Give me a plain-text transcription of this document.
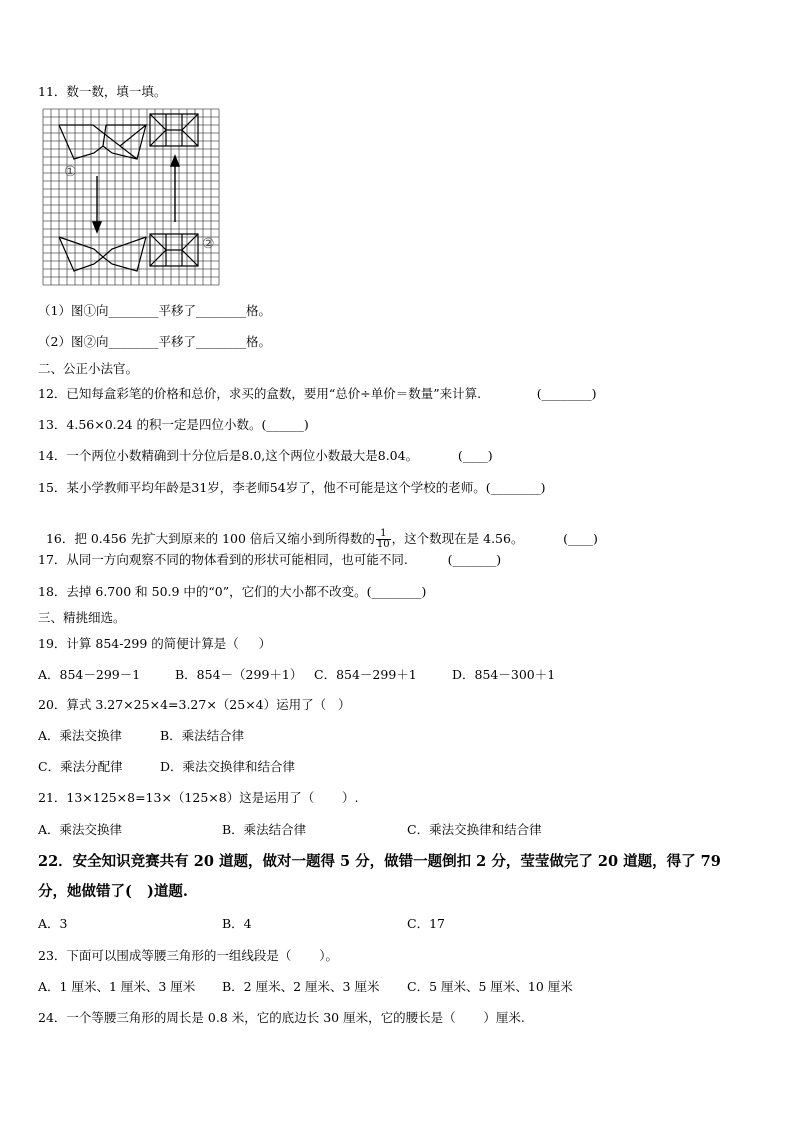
11．数一数，填一填。
①
②
（1）图①向________平移了________格。
（2）图②向________平移了________格。
二、公正小法官。
12．已知每盒彩笔的价格和总价，求买的盒数，要用“总价÷单价＝数量”来计算.              (________)
13．4.56×0.24 的积一定是四位小数。(______)
14．一个两位小数精确到十分位后是8.0,这个两位小数最大是8.04。          (____)
15．某小学教师平均年龄是31岁，李老师54岁了，他不可能是这个学校的老师。(________)

16．把 0.456 先扩大到原来的 100 倍后又缩小到所得数的 $\frac{1}{10}$ ，这个数现在是 4.56。          (____)

17．从同一方向观察不同的物体看到的形状可能相同，也可能不同.          (_______)
18．去掉 6.700 和 50.9 中的“0”，它们的大小都不改变。(________)
三、精挑细选。
19．计算 854-299 的简便计算是（     ）
A．854－299－1	B．854－（299＋1） C．854－299＋1	D．854－300＋1
20．算式 3.27×25×4=3.27×（25×4）运用了（   ）
A．乘法交换律	B．乘法结合律
C．乘法分配律	D．乘法交换律和结合律
21．13×125×8=13×（125×8）这是运用了（       ）.
A．乘法交换律	B．乘法结合律	C．乘法交换律和结合律
22．安全知识竞赛共有 20 道题，做对一题得 5 分，做错一题倒扣 2 分，莹莹做完了 20 道题，得了 79
分，她做错了(   )道题.
A．3	B．4	C．17
23．下面可以围成等腰三角形的一组线段是（       ）。
A．1 厘米、1 厘米、3 厘米 B．2 厘米、2 厘米、3 厘米 C．5 厘米、5 厘米、10 厘米
24．一个等腰三角形的周长是 0.8 米，它的底边长 30 厘米，它的腰长是（       ）厘米.
